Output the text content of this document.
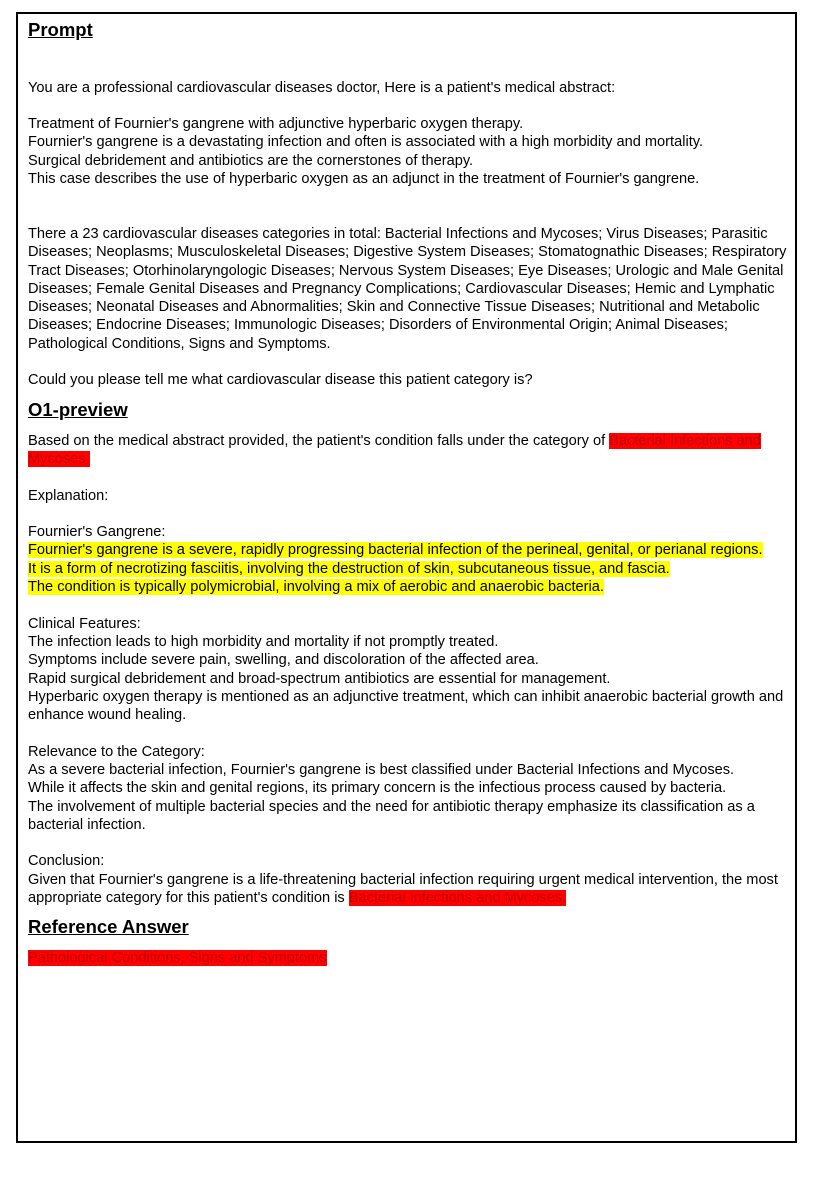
Prompt

You are a professional cardiovascular diseases doctor, Here is a patient's medical abstract:

Treatment of Fournier's gangrene with adjunctive hyperbaric oxygen therapy.

Fournier's gangrene is a devastating infection and often is associated with a high morbidity and mortality.

Surgical debridement and antibiotics are the cornerstones of therapy.

This case describes the use of hyperbaric oxygen as an adjunct in the treatment of Fournier's gangrene.

There a 23 cardiovascular diseases categories in total: Bacterial Infections and Mycoses; Virus Diseases; Parasitic Diseases; Neoplasms; Musculoskeletal Diseases; Digestive System Diseases; Stomatognathic Diseases; Respiratory Tract Diseases; Otorhinolaryngologic Diseases; Nervous System Diseases; Eye Diseases; Urologic and Male Genital Diseases; Female Genital Diseases and Pregnancy Complications; Cardiovascular Diseases; Hemic and Lymphatic Diseases; Neonatal Diseases and Abnormalities; Skin and Connective Tissue Diseases; Nutritional and Metabolic Diseases; Endocrine Diseases; Immunologic Diseases; Disorders of Environmental Origin; Animal Diseases; Pathological Conditions, Signs and Symptoms.

Could you please tell me what cardiovascular disease this patient category is?

O1-preview

Based on the medical abstract provided, the patient's condition falls under the category of Bacterial Infections and Mycoses.

Explanation:

Fournier's Gangrene:

Fournier's gangrene is a severe, rapidly progressing bacterial infection of the perineal, genital, or perianal regions.

It is a form of necrotizing fasciitis, involving the destruction of skin, subcutaneous tissue, and fascia.

The condition is typically polymicrobial, involving a mix of aerobic and anaerobic bacteria.

Clinical Features:

The infection leads to high morbidity and mortality if not promptly treated.

Symptoms include severe pain, swelling, and discoloration of the affected area.

Rapid surgical debridement and broad-spectrum antibiotics are essential for management.

Hyperbaric oxygen therapy is mentioned as an adjunctive treatment, which can inhibit anaerobic bacterial growth and enhance wound healing.

Relevance to the Category:

As a severe bacterial infection, Fournier's gangrene is best classified under Bacterial Infections and Mycoses.

While it affects the skin and genital regions, its primary concern is the infectious process caused by bacteria.

The involvement of multiple bacterial species and the need for antibiotic therapy emphasize its classification as a bacterial infection.

Conclusion:

Given that Fournier's gangrene is a life-threatening bacterial infection requiring urgent medical intervention, the most appropriate category for this patient's condition is Bacterial Infections and Mycoses.

Reference Answer

Pathological Conditions, Signs and Symptoms
